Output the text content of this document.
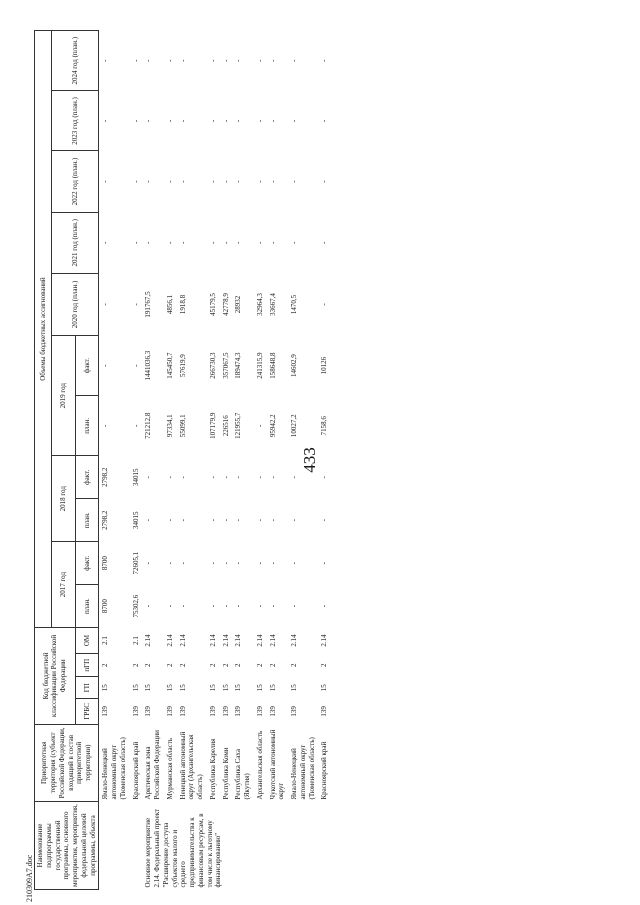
433
210309A7.doc
Наименование подпрограммы государственной программы, основного мероприятия, мероприятия, федеральной целевой программы, объекта	Приоритетная территория (субъект Российской Федерации, входящий в состав приоритетной территории)	Код бюджетной классификации Российской Федерации				Объемы бюджетных ассигнований										
						2017 год		2018 год		2019 год		2020 год (план.)	2021 год (план.)	2022 год (план.)	2023 год (план.)	2024 год (план.)
		ГРБС	ГП	пГП	ОМ	план.	факт.	план.	факт.	план.	факт.					

	Ямало-Ненецкий автономный округ (Тюменская область)	139	15	2	2.1	8700	8700	2798,2	2798,2	-	-	-	-	-	-	-
	Красноярский край	139	15	2	2.1	75302,6	72605,1	34015	34015	-	-	-	-	-	-	-
Основное мероприятие 2.14. Федеральный проект "Расширение доступа субъектов малого и среднего предпринимательства к финансовым ресурсам, в том числе к льготному финансированию"	Арктическая зона Российской Федерации	139	15	2	2.14	-	-	-	-	721212,8	1441036,3	191767,5	-	-	-	-
	Мурманская область	139	15	2	2.14	-	-	-	-	97334,1	145450,7	4856,1	-	-	-	-
	Ненецкий автономный округ (Архангельская область)	139	15	2	2.14	-	-	-	-	55099,1	57619,9	1918,8	-	-	-	-
	Республика Карелия	139	15	2	2.14	-	-	-	-	107179,9	266730,3	45179,5	-	-	-	-
	Республика Коми	139	15	2	2.14	-	-	-	-	226516	357067,5	42778,9	-	-	-	-
	Республика Саха (Якутия)	139	15	2	2.14	-	-	-	-	121955,7	189474,3	28932	-	-	-	-
	Архангельская область	139	15	2	2.14	-	-	-	-	-	241315,9	32964,3	-	-	-	-
	Чукотский автономный округ	139	15	2	2.14	-	-	-	-	95942,2	158648,8	33667,4	-	-	-	-
	Ямало-Ненецкий автономный округ (Тюменская область)	139	15	2	2.14	-	-	-	-	10027,2	14602,9	1470,5	-	-	-	-
	Красноярский край	139	15	2	2.14	-	-	-	-	7158,6	10126	-	-	-	-	-
